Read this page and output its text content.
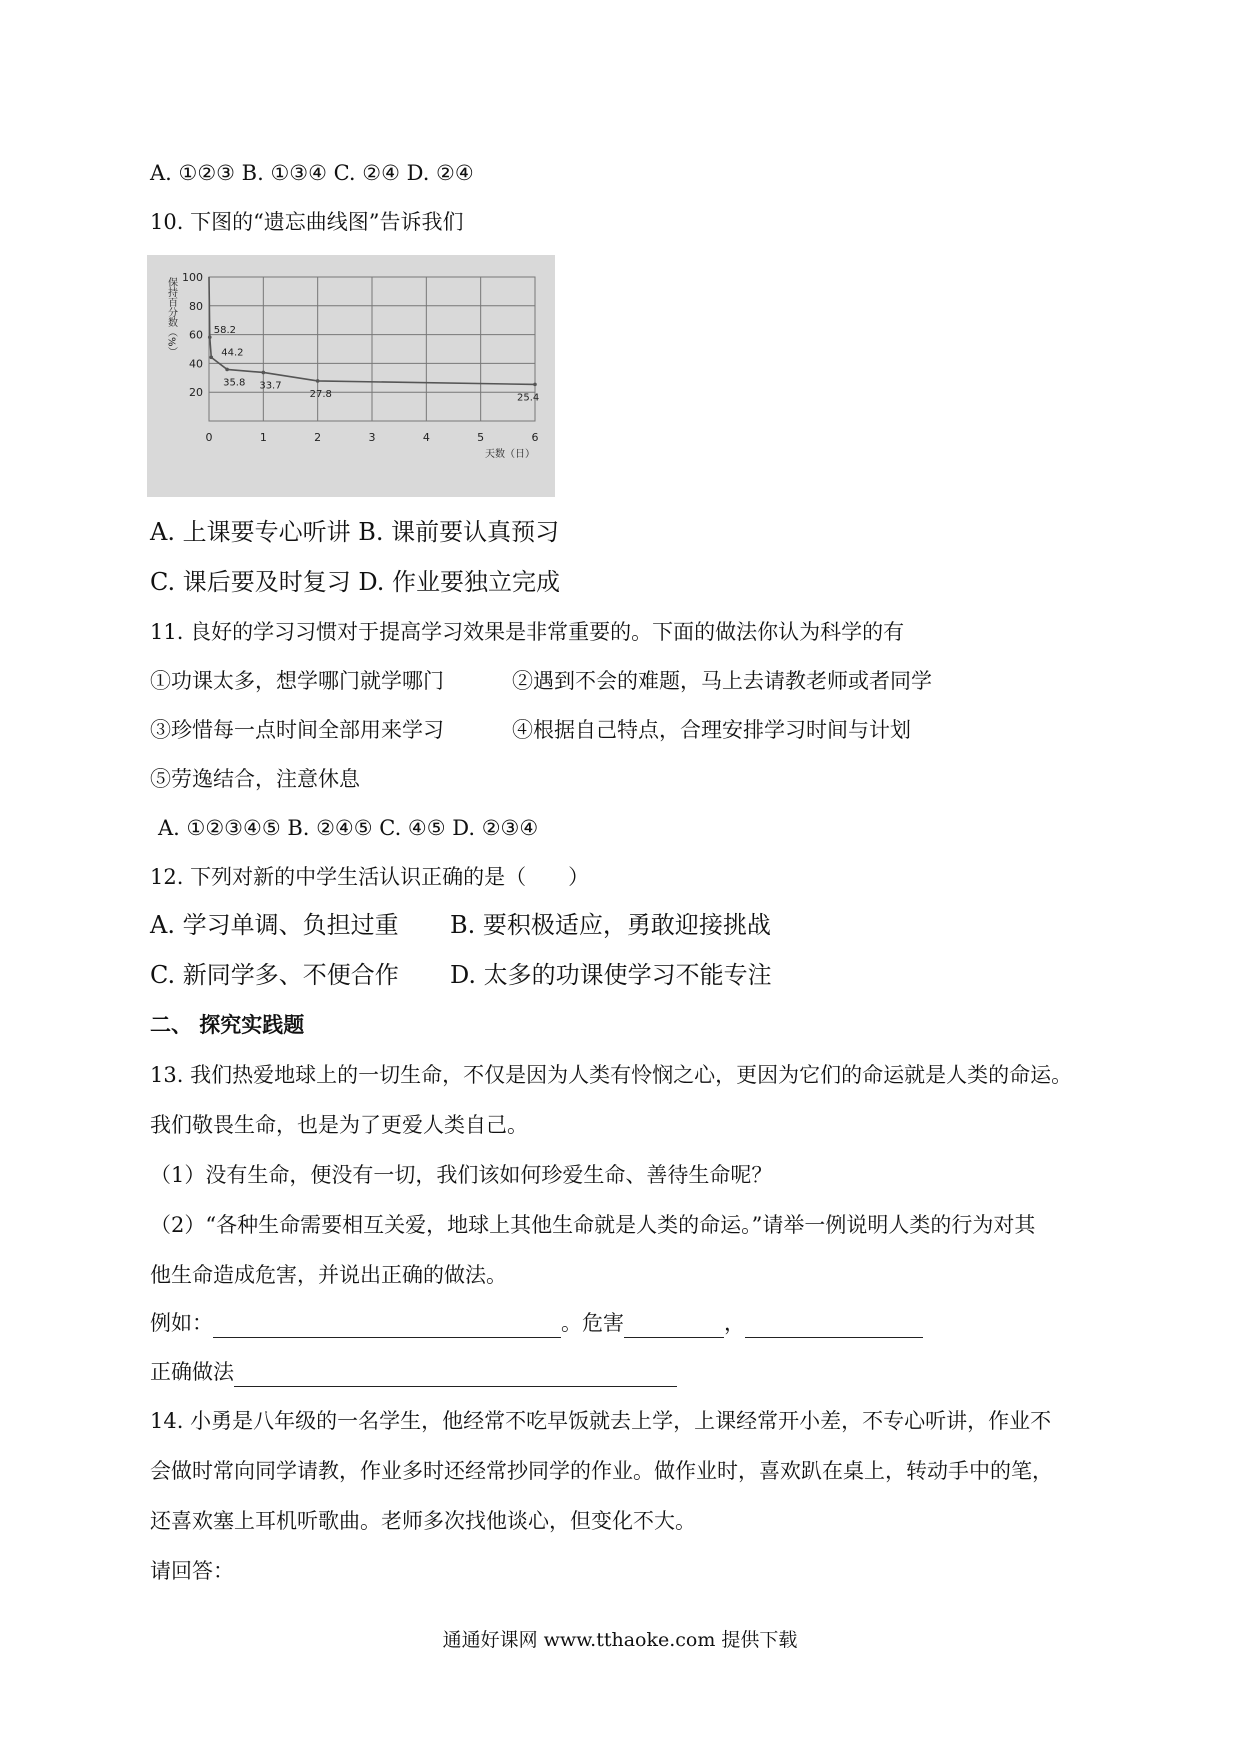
A. ①②③ B. ①③④ C. ②④ D. ②④
10. 下图的“遗忘曲线图”告诉我们
0	1	2	3	4	5	6
20
40
60
80
100
保持百分数（%）
天数（日）
58.2
44.2
35.8 33.7
27.8	25.4
A. 上课要专心听讲 B. 课前要认真预习
C. 课后要及时复习 D. 作业要独立完成
11. 良好的学习习惯对于提高学习效果是非常重要的。下面的做法你认为科学的有
①功课太多，想学哪门就学哪门	②遇到不会的难题，马上去请教老师或者同学
③珍惜每一点时间全部用来学习	④根据自己特点，合理安排学习时间与计划
⑤劳逸结合，注意休息
A. ①②③④⑤ B. ②④⑤ C. ④⑤ D. ②③④
12. 下列对新的中学生活认识正确的是（　　）
A. 学习单调、负担过重 B. 要积极适应，勇敢迎接挑战
C. 新同学多、不便合作 D. 太多的功课使学习不能专注
二、 探究实践题
13. 我们热爱地球上的一切生命，不仅是因为人类有怜悯之心，更因为它们的命运就是人类的命运。
我们敬畏生命，也是为了更爱人类自己。
（1）没有生命，便没有一切，我们该如何珍爱生命、善待生命呢？
（2）“各种生命需要相互关爱，地球上其他生命就是人类的命运。”请举一例说明人类的行为对其
他生命造成危害，并说出正确的做法。
例如：	。危害	，
正确做法
14. 小勇是八年级的一名学生，他经常不吃早饭就去上学，上课经常开小差，不专心听讲，作业不
会做时常向同学请教，作业多时还经常抄同学的作业。做作业时，喜欢趴在桌上，转动手中的笔，
还喜欢塞上耳机听歌曲。老师多次找他谈心，但变化不大。
请回答：
通通好课网 www.tthaoke.com 提供下载
